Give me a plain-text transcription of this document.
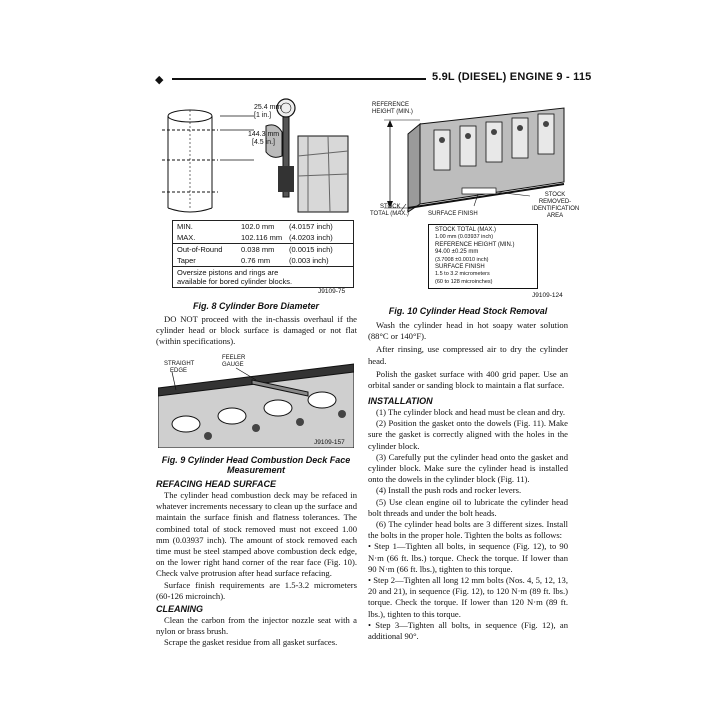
◆	5.9L (DIESEL) ENGINE 9 - 115
25.4 mm
[1 in.]
144.3 mm
[4.5 in.]
MIN.	102.0 mm	(4.0157 inch)
MAX.	102.116 mm (4.0203 inch)
Out-of-Round	0.038 mm	(0.0015 inch)
Taper	0.76 mm	(0.003 inch)
Oversize pistons and rings are
available for bored cylinder blocks.
J9109-75
Fig. 8 Cylinder Bore Diameter

DO NOT proceed with the in-chassis overhaul if the cylinder head or block surface is damaged or not flat (within specifications).

STRAIGHT
EDGE
FEELER
GAUGE
J9109-157
Fig. 9 Cylinder Head Combustion Deck Face
Measurement
REFACING HEAD SURFACE

The cylinder head combustion deck may be refaced in whatever increments necessary to clean up the surface and maintain the surface finish and flatness tolerances. The combined total of stock removed must not exceed 1.00 mm (0.03937 inch). The amount of stock removed each time must be steel stamped above combustion deck edge, on the lower right hand corner of the rear face (Fig. 10). Check valve protrusion after head surface refacing.

Surface finish requirements are 1.5-3.2 micrometers (60-126 microinch).

CLEANING

Clean the carbon from the injector nozzle seat with a nylon or brass brush.

Scrape the gasket residue from all gasket surfaces.

REFERENCE
HEIGHT (MIN.)
STOCK
TOTAL (MAX.)	SURFACE FINISH
STOCK
REMOVED-
IDENTIFICATION
AREA
STOCK TOTAL (MAX.)
1.00 mm (0.03937 inch)
REFERENCE HEIGHT (MIN.)
94.00 ±0.25 mm
(3.7008 ±0.0010 inch)
SURFACE FINISH
1.5 to 3.2 micrometers
(60 to 128 microinches)
J9109-124
Fig. 10 Cylinder Head Stock Removal

Wash the cylinder head in hot soapy water solution (88°C or 140°F).

After rinsing, use compressed air to dry the cylinder head.

Polish the gasket surface with 400 grid paper. Use an orbital sander or sanding block to maintain a flat surface.

INSTALLATION

(1) The cylinder block and head must be clean and dry.

(2) Position the gasket onto the dowels (Fig. 11). Make sure the gasket is correctly aligned with the holes in the cylinder block.

(3) Carefully put the cylinder head onto the gasket and cylinder block. Make sure the cylinder head is installed onto the dowels in the cylinder block (Fig. 11).

(4) Install the push rods and rocker levers.

(5) Use clean engine oil to lubricate the cylinder head bolt threads and under the bolt heads.

(6) The cylinder head bolts are 3 different sizes. Install the bolts in the proper hole. Tighten the bolts as follows:

• Step 1—Tighten all bolts, in sequence (Fig. 12), to 90 N·m (66 ft. lbs.) torque. Check the torque. If lower than 90 N·m (66 ft. lbs.), tighten to this torque.

• Step 2—Tighten all long 12 mm bolts (Nos. 4, 5, 12, 13, 20 and 21), in sequence (Fig. 12), to 120 N·m (89 ft. lbs.) torque. Check the torque. If lower than 120 N·m (89 ft. lbs.), tighten to this torque.

• Step 3—Tighten all bolts, in sequence (Fig. 12), an additional 90°.
